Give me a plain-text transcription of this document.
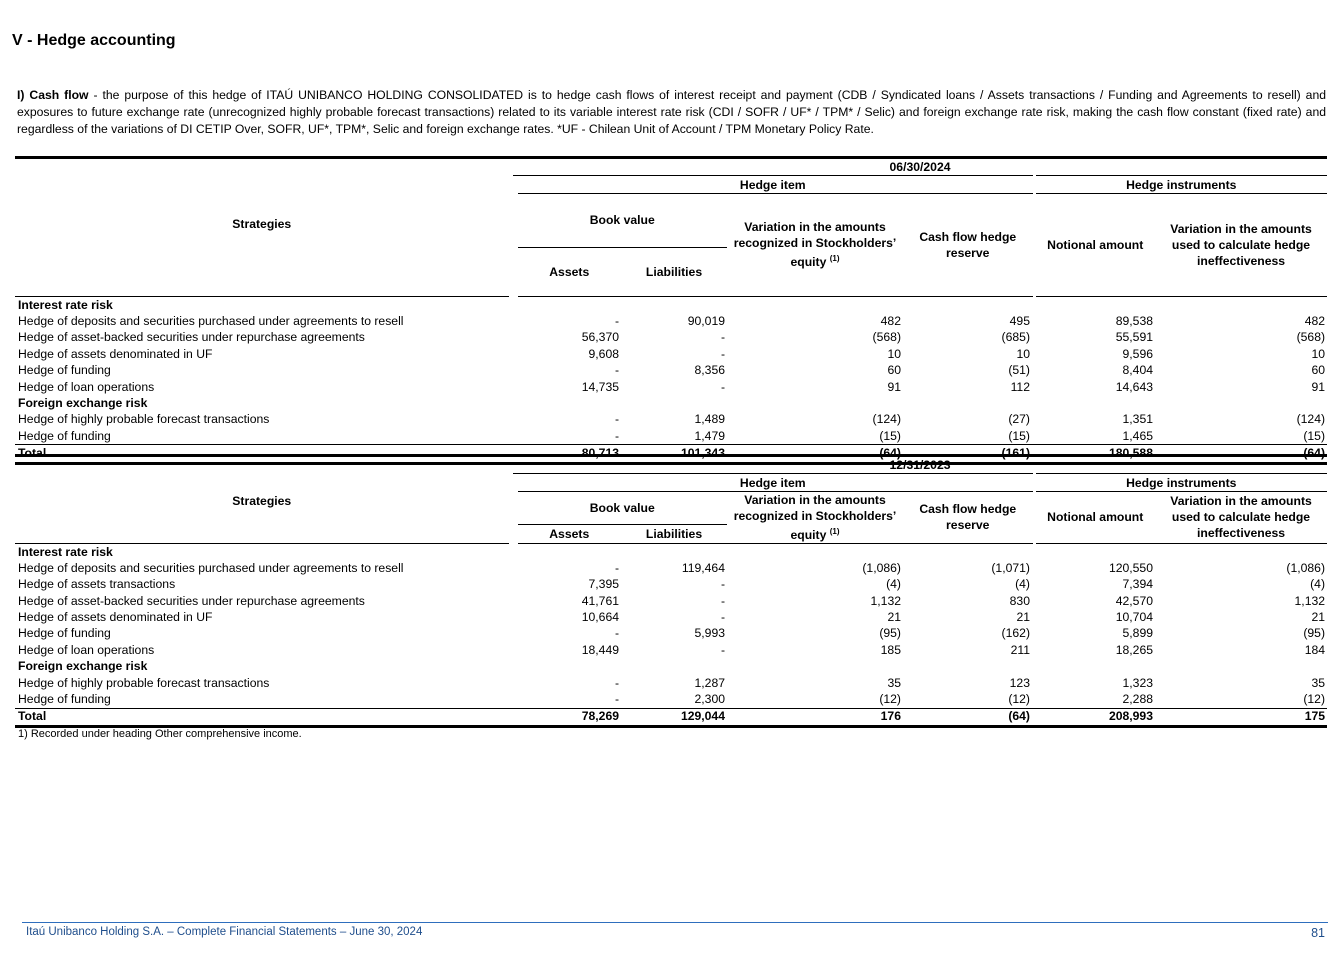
V - Hedge accounting

I) Cash flow - the purpose of this hedge of ITAÚ UNIBANCO HOLDING CONSOLIDATED is to hedge cash flows of interest receipt and payment (CDB / Syndicated loans / Assets transactions / Funding and Agreements to resell) and exposures to future exchange rate (unrecognized highly probable forecast transactions) related to its variable interest rate risk (CDI / SOFR / UF* / TPM* / Selic) and foreign exchange rate risk, making the cash flow constant (fixed rate) and regardless of the variations of DI CETIP Over, SOFR, UF*, TPM*, Selic and foreign exchange rates. *UF - Chilean Unit of Account / TPM Monetary Policy Rate.

	06/30/2024					
Strategies	Hedge item				Hedge instruments	
	Book value		Variation in the amounts recognized in Stockholders’ equity $^{(1)}$	Cash flow hedge reserve	Notional amount	Variation in the amounts used to calculate hedge ineffectiveness
	Assets	Liabilities				
Interest rate risk						
Hedge of deposits and securities purchased under agreements to resell	-	90,019	482	495	89,538	482
Hedge of asset-backed securities under repurchase agreements	56,370	-	(568)	(685)	55,591	(568)
Hedge of assets denominated in UF	9,608	-	10	10	9,596	10
Hedge of funding	-	8,356	60	(51)	8,404	60
Hedge of loan operations	14,735	-	91	112	14,643	91
Foreign exchange risk						
Hedge of highly probable forecast transactions	-	1,489	(124)	(27)	1,351	(124)
Hedge of funding	-	1,479	(15)	(15)	1,465	(15)
Total	80,713	101,343	(64)	(161)	180,588	(64)
	12/31/2023					
Strategies	Hedge item				Hedge instruments	
	Book value		Variation in the amounts recognized in Stockholders’ equity $^{(1)}$	Cash flow hedge reserve	Notional amount	Variation in the amounts used to calculate hedge ineffectiveness
	Assets	Liabilities				
Interest rate risk						
Hedge of deposits and securities purchased under agreements to resell	-	119,464	(1,086)	(1,071)	120,550	(1,086)
Hedge of assets transactions	7,395	-	(4)	(4)	7,394	(4)
Hedge of asset-backed securities under repurchase agreements	41,761	-	1,132	830	42,570	1,132
Hedge of assets denominated in UF	10,664	-	21	21	10,704	21
Hedge of funding	-	5,993	(95)	(162)	5,899	(95)
Hedge of loan operations	18,449	-	185	211	18,265	184
Foreign exchange risk						
Hedge of highly probable forecast transactions	-	1,287	35	123	1,323	35
Hedge of funding	-	2,300	(12)	(12)	2,288	(12)
Total	78,269	129,044	176	(64)	208,993	175
1) Recorded under heading Other comprehensive income.
Itaú Unibanco Holding S.A. – Complete Financial Statements – June 30, 2024	81
